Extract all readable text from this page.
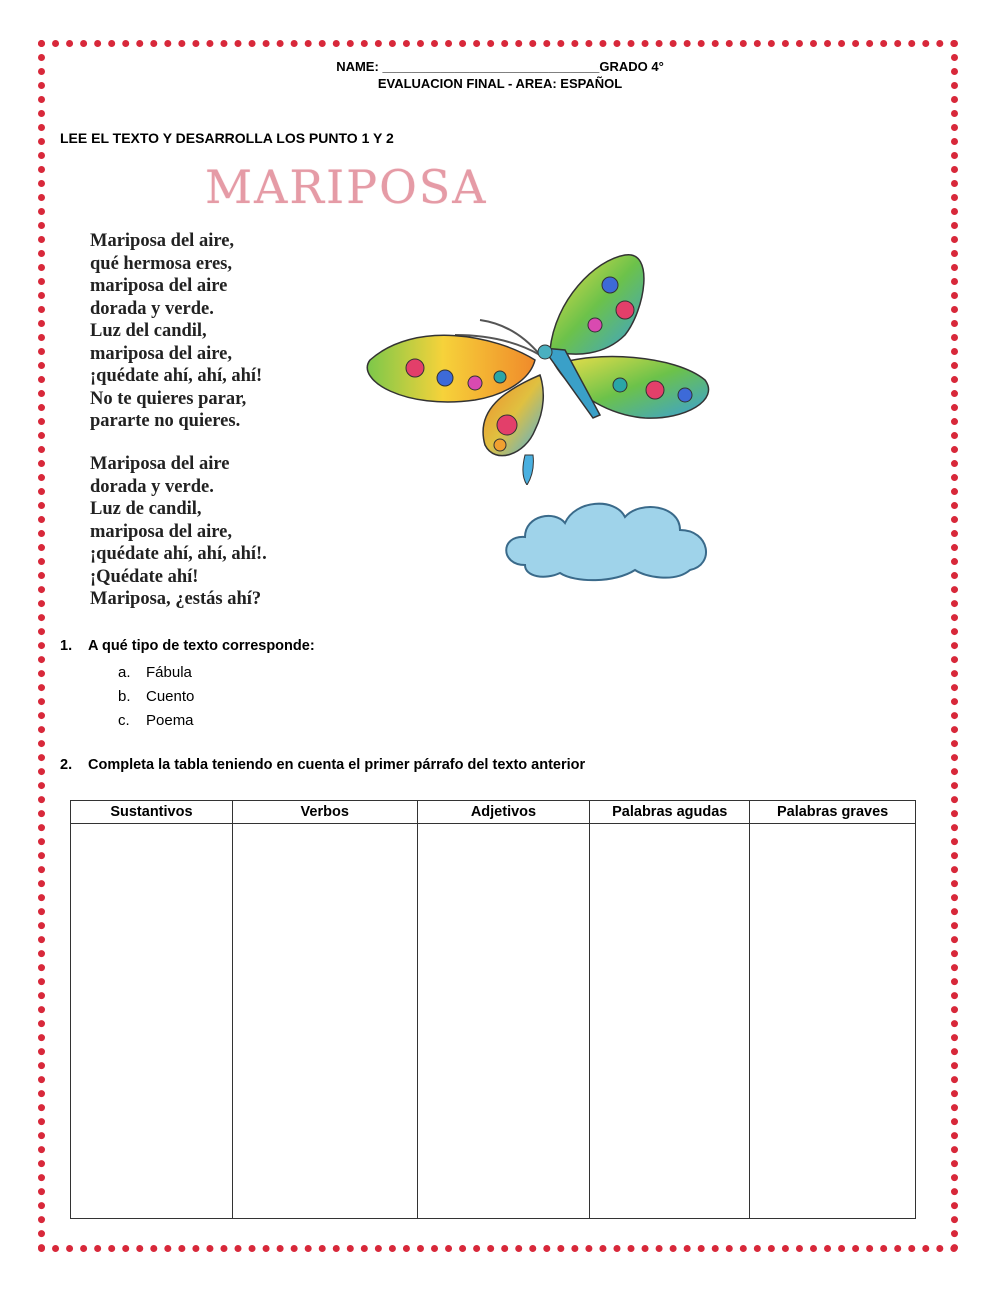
NAME: ______________________________GRADO 4°
EVALUACION FINAL - AREA: ESPAÑOL
LEE EL TEXTO Y DESARROLLA LOS PUNTO 1 Y 2
MARIPOSA
Mariposa del aire,
qué hermosa eres,
mariposa del aire
dorada y verde.
Luz del candil,
mariposa del aire,
¡quédate ahí, ahí, ahí!
No te quieres parar,
pararte no quieres.
Mariposa del aire
dorada y verde.
Luz de candil,
mariposa del aire,
¡quédate ahí, ahí, ahí!.
¡Quédate ahí!
Mariposa, ¿estás ahí?
1. A qué tipo de texto corresponde:
a. Fábula
b. Cuento
c. Poema
2. Completa la tabla teniendo en cuenta el primer párrafo del texto anterior
Sustantivos	Verbos	Adjetivos	Palabras agudas	Palabras graves
